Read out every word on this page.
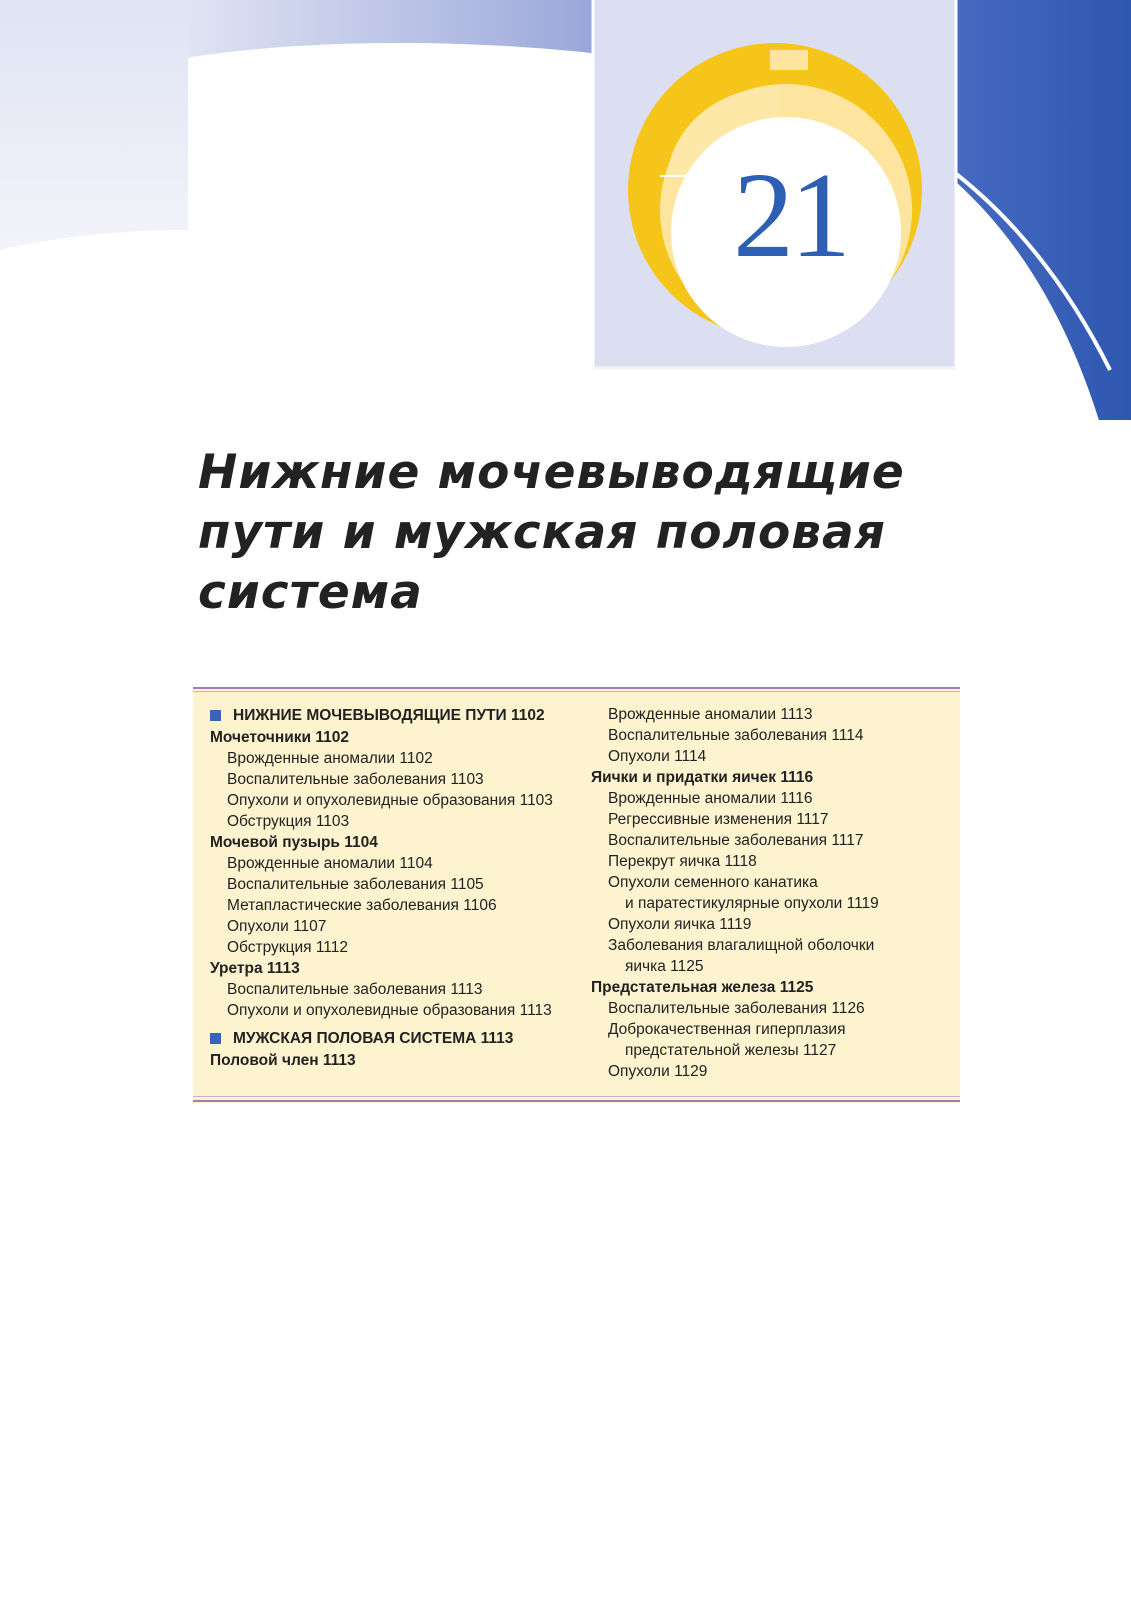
21
Нижние мочевыводящие
пути и мужская половая
система
НИЖНИЕ МОЧЕВЫВОДЯЩИЕ ПУТИ 1102
Мочеточники 1102
Врожденные аномалии 1102
Воспалительные заболевания 1103
Опухоли и опухолевидные образования 1103
Обструкция 1103
Мочевой пузырь 1104
Врожденные аномалии 1104
Воспалительные заболевания 1105
Метапластические заболевания 1106
Опухоли 1107
Обструкция 1112
Уретра 1113
Воспалительные заболевания 1113
Опухоли и опухолевидные образования 1113
МУЖСКАЯ ПОЛОВАЯ СИСТЕМА 1113
Половой член 1113
Врожденные аномалии 1113
Воспалительные заболевания 1114
Опухоли 1114
Яички и придатки яичек 1116
Врожденные аномалии 1116
Регрессивные изменения 1117
Воспалительные заболевания 1117
Перекрут яичка 1118
Опухоли семенного канатика
и паратестикулярные опухоли 1119
Опухоли яичка 1119
Заболевания влагалищной оболочки
яичка 1125
Предстательная железа 1125
Воспалительные заболевания 1126
Доброкачественная гиперплазия
предстательной железы 1127
Опухоли 1129
